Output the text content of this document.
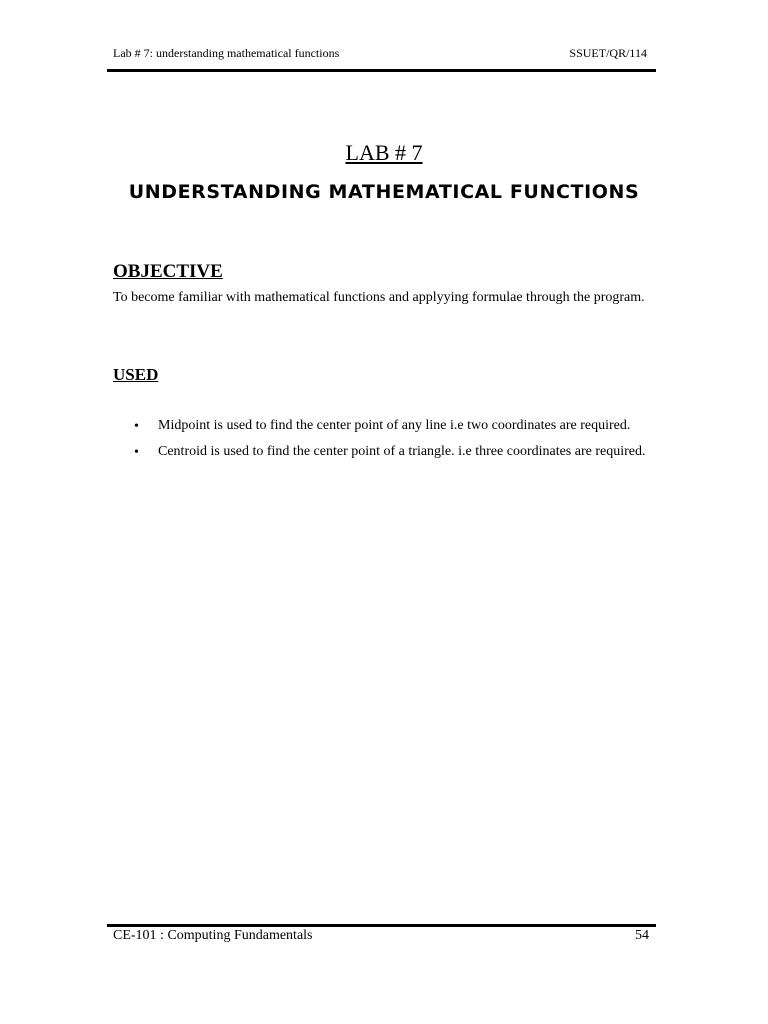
Lab # 7: understanding mathematical functions	SSUET/QR/114
LAB # 7
UNDERSTANDING MATHEMATICAL FUNCTIONS
OBJECTIVE
To become familiar with mathematical functions and applyying formulae through the program.
USED
• Midpoint is used to find the center point of any line i.e two coordinates are required.
• Centroid is used to find the center point of a triangle. i.e three coordinates are required.
CE-101 : Computing Fundamentals	54
